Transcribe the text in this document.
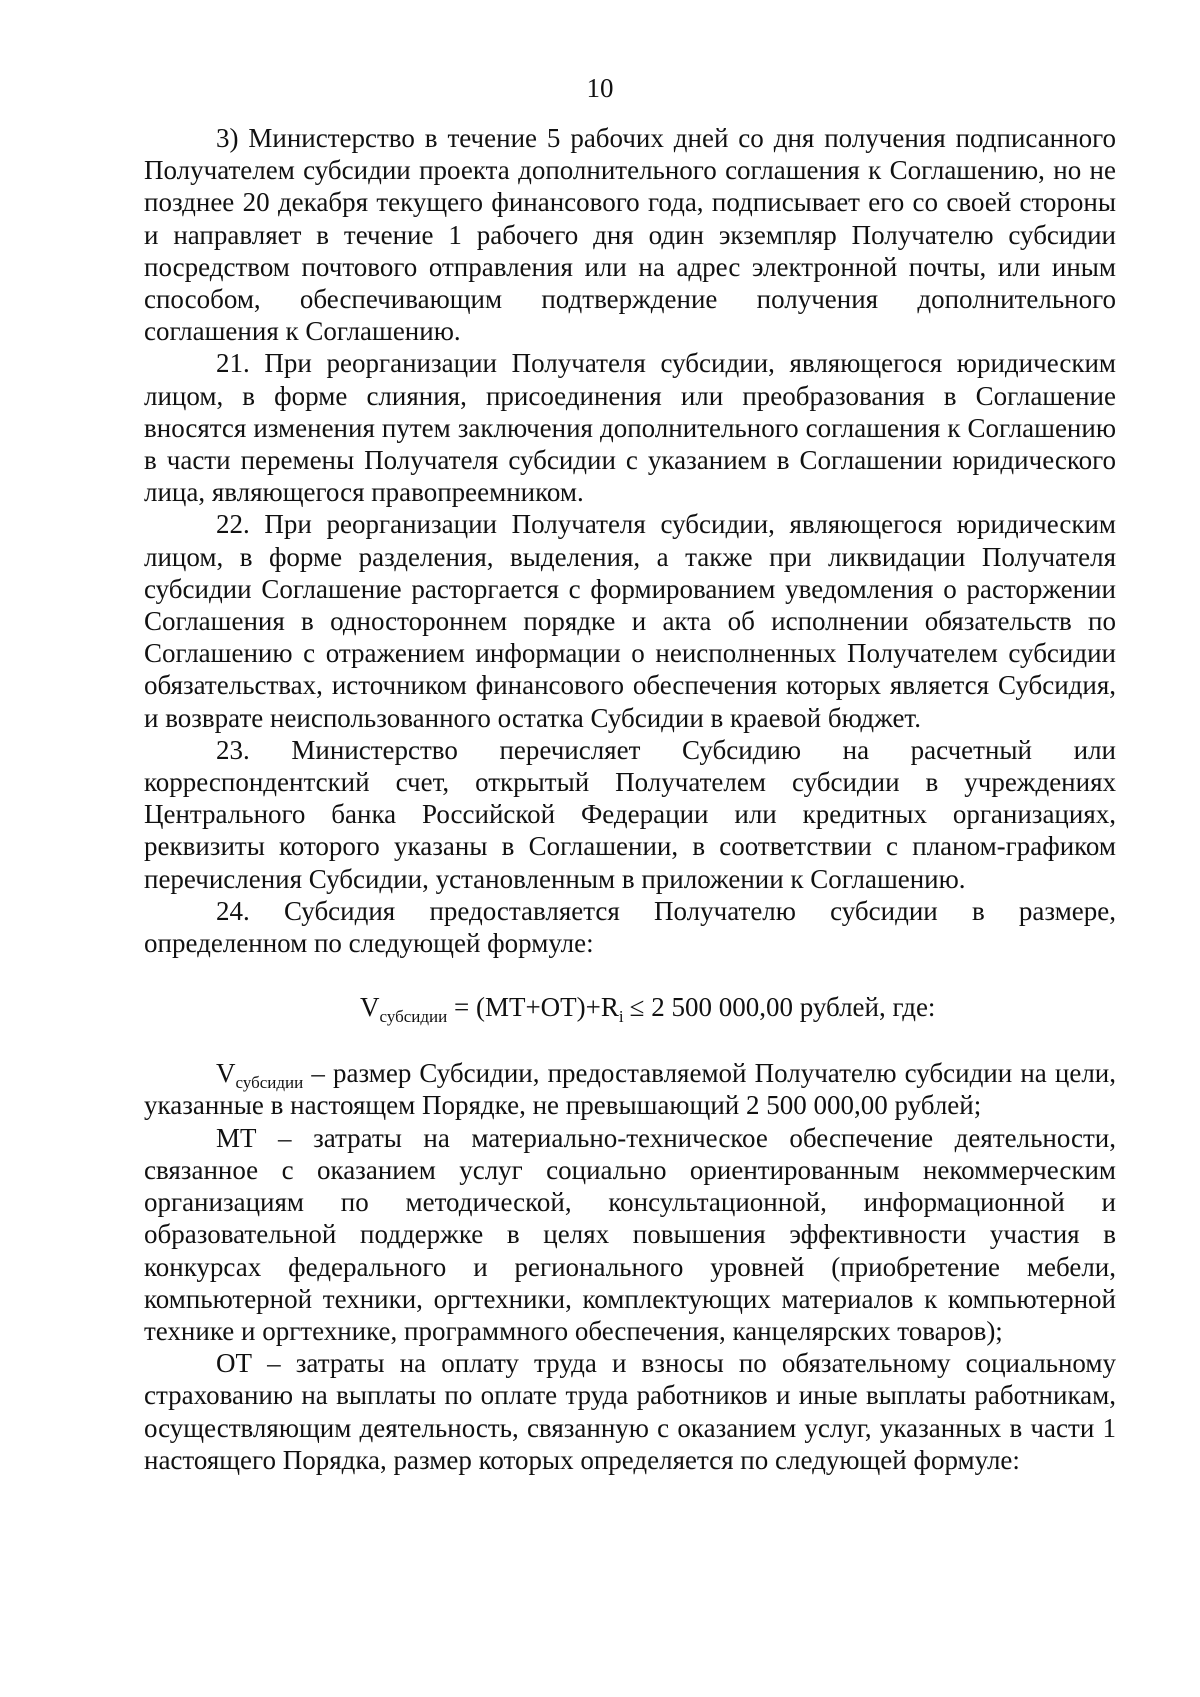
10

3) Министерство в течение 5 рабочих дней со дня получения подписанного Получателем субсидии проекта дополнительного соглашения к Соглашению, но не позднее 20 декабря текущего финансового года, подписывает его со своей стороны и направляет в течение 1 рабочего дня один экземпляр Получателю субсидии посредством почтового отправления или на адрес электронной почты, или иным способом, обеспечивающим подтверждение получения дополнительного соглашения к Соглашению.

21. При реорганизации Получателя субсидии, являющегося юридическим лицом, в форме слияния, присоединения или преобразования в Соглашение вносятся изменения путем заключения дополнительного соглашения к Соглашению в части перемены Получателя субсидии с указанием в Соглашении юридического лица, являющегося правопреемником.

22. При реорганизации Получателя субсидии, являющегося юридическим лицом, в форме разделения, выделения, а также при ликвидации Получателя субсидии Соглашение расторгается с формированием уведомления о расторжении Соглашения в одностороннем порядке и акта об исполнении обязательств по Соглашению с отражением информации о неисполненных Получателем субсидии обязательствах, источником финансового обеспечения которых является Субсидия, и возврате неиспользованного остатка Субсидии в краевой бюджет.

23. Министерство перечисляет Субсидию на расчетный или корреспондентский счет, открытый Получателем субсидии в учреждениях Центрального банка Российской Федерации или кредитных организациях, реквизиты которого указаны в Соглашении, в соответствии с планом-графиком перечисления Субсидии, установленным в приложении к Соглашению.

24. Субсидия предоставляется Получателю субсидии в размере, определенном по следующей формуле:

$V_{субсидии} = (МТ+ОТ)+R_i \le 2$ 500 000,00 рублей, где:

$V_{субсидии}$ – размер Субсидии, предоставляемой Получателю субсидии на цели, указанные в настоящем Порядке, не превышающий 2 500 000,00 рублей;

МТ – затраты на материально-техническое обеспечение деятельности, связанное с оказанием услуг социально ориентированным некоммерческим организациям по методической, консультационной, информационной и образовательной поддержке в целях повышения эффективности участия в конкурсах федерального и регионального уровней (приобретение мебели, компьютерной техники, оргтехники, комплектующих материалов к компьютерной технике и оргтехнике, программного обеспечения, канцелярских товаров);

ОТ – затраты на оплату труда и взносы по обязательному социальному страхованию на выплаты по оплате труда работников и иные выплаты работникам, осуществляющим деятельность, связанную с оказанием услуг, указанных в части 1 настоящего Порядка, размер которых определяется по следующей формуле:
